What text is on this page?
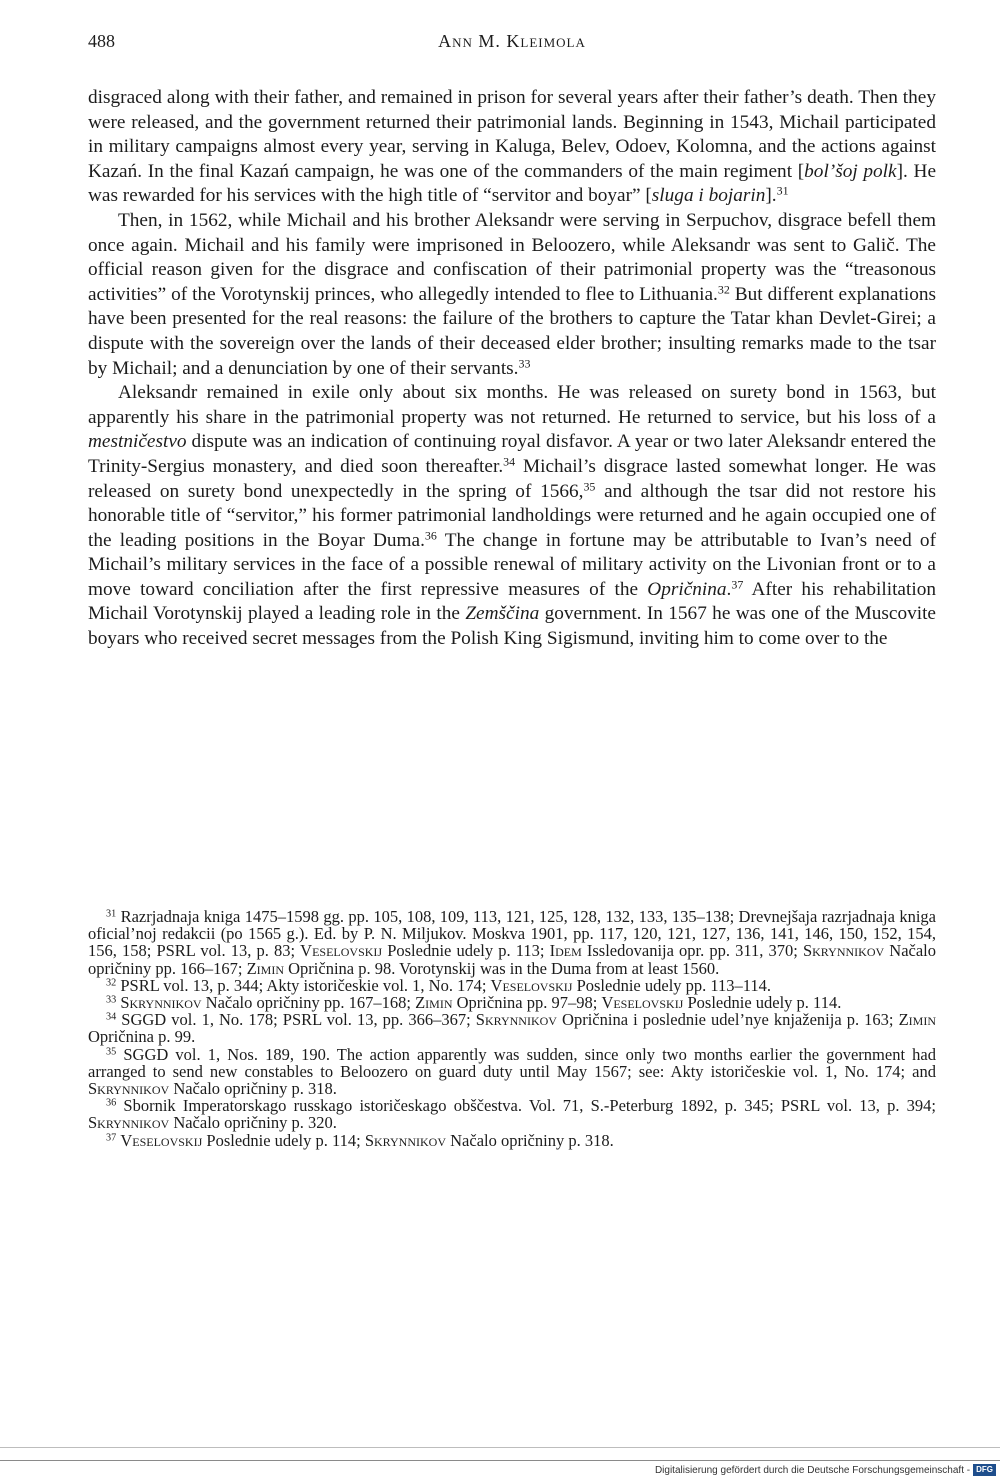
488	Ann M. Kleimola

disgraced along with their father, and remained in prison for several years after their father’s death. Then they were released, and the government returned their patrimonial lands. Beginning in 1543, Michail participated in military campaigns almost every year, serving in Kaluga, Belev, Odoev, Kolomna, and the actions against Kazań. In the final Kazań campaign, he was one of the commanders of the main regiment [bol’šoj polk]. He was rewarded for his services with the high title of “servitor and boyar” [sluga i bojarin].$^{31}$

Then, in 1562, while Michail and his brother Aleksandr were serving in Serpuchov, disgrace befell them once again. Michail and his family were imprisoned in Beloozero, while Aleksandr was sent to Galič. The official reason given for the disgrace and confiscation of their patrimonial property was the “treasonous activities” of the Vorotynskij princes, who allegedly intended to flee to Lithuania.$^{32}$ But different explanations have been presented for the real reasons: the failure of the brothers to capture the Tatar khan Devlet-Girei; a dispute with the sovereign over the lands of their deceased elder brother; insulting remarks made to the tsar by Michail; and a denunciation by one of their servants.$^{33}$

Aleksandr remained in exile only about six months. He was released on surety bond in 1563, but apparently his share in the patrimonial property was not returned. He returned to service, but his loss of a mestničestvo dispute was an indication of continuing royal disfavor. A year or two later Aleksandr entered the Trinity-Sergius monastery, and died soon thereafter.$^{34}$ Michail’s disgrace lasted somewhat longer. He was released on surety bond unexpectedly in the spring of 1566,35 and although the tsar did not restore his honorable title of “servitor,” his former patrimonial landholdings were returned and he again occupied one of the leading positions in the Boyar Duma.$^{36}$ The change in fortune may be attributable to Ivan’s need of Michail’s military services in the face of a possible renewal of military activity on the Livonian front or to a move toward conciliation after the first repressive measures of the Opričnina.$^{37}$ After his rehabilitation Michail Vorotynskij played a leading role in the Zemščina government. In 1567 he was one of the Muscovite boyars who received secret messages from the Polish King Sigismund, inviting him to come over to the

$^{31}$ Razrjadnaja kniga 1475–1598 gg. pp. 105, 108, 109, 113, 121, 125, 128, 132, 133, 135–138; Drevnejšaja razrjadnaja kniga oficial’noj redakcii (po 1565 g.). Ed. by P. N. Miljukov. Moskva 1901, pp. 117, 120, 121, 127, 136, 141, 146, 150, 152, 154, 156, 158; PSRL vol. 13, p. 83; Veselovskij Poslednie udely p. 113; Idem Issledovanija opr. pp. 311, 370; Skrynnikov Načalo opričniny pp. 166–167; Zimin Opričnina p. 98. Vorotynskij was in the Duma from at least 1560.

$^{32}$ PSRL vol. 13, p. 344; Akty istoričeskie vol. 1, No. 174; Veselovskij Poslednie udely pp. 113–114.

$^{33}$ Skrynnikov Načalo opričniny pp. 167–168; Zimin Opričnina pp. 97–98; Veselovskij Poslednie udely p. 114.

$^{34}$ SGGD vol. 1, No. 178; PSRL vol. 13, pp. 366–367; Skrynnikov Opričnina i poslednie udel’nye knjaženija p. 163; Zimin Opričnina p. 99.

$^{35}$ SGGD vol. 1, Nos. 189, 190. The action apparently was sudden, since only two months earlier the government had arranged to send new constables to Beloozero on guard duty until May 1567; see: Akty istoričeskie vol. 1, No. 174; and Skrynnikov Načalo opričniny p. 318.

$^{36}$ Sbornik Imperatorskago russkago istoričeskago obščestva. Vol. 71, S.-Peterburg 1892, p. 345; PSRL vol. 13, p. 394; Skrynnikov Načalo opričniny p. 320.

$^{37}$ Veselovskij Poslednie udely p. 114; Skrynnikov Načalo opričniny p. 318.

Digitalisierung gefördert durch die Deutsche Forschungsgemeinschaft - DFG
